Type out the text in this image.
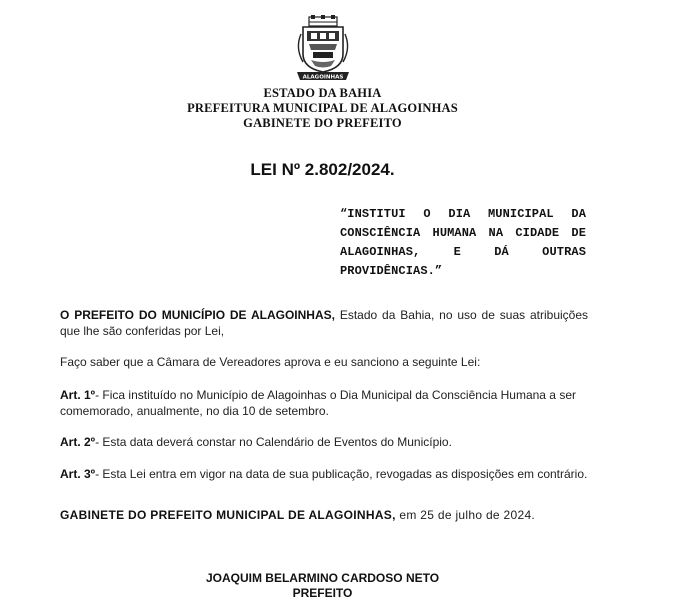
ALAGOINHAS
ESTADO DA BAHIA
PREFEITURA MUNICIPAL DE ALAGOINHAS
GABINETE DO PREFEITO
LEI Nº 2.802/2024.
“INSTITUI O DIA MUNICIPAL DA CONSCIÊNCIA HUMANA NA CIDADE DE ALAGOINHAS, E DÁ OUTRAS PROVIDÊNCIAS.”
O PREFEITO DO MUNICÍPIO DE ALAGOINHAS, Estado da Bahia, no uso de suas atribuições que lhe são conferidas por Lei,
Faço saber que a Câmara de Vereadores aprova e eu sanciono a seguinte Lei:
Art. 1º- Fica instituído no Município de Alagoinhas o Dia Municipal da Consciência Humana a ser comemorado, anualmente, no dia 10 de setembro.
Art. 2º- Esta data deverá constar no Calendário de Eventos do Município.
Art. 3º- Esta Lei entra em vigor na data de sua publicação, revogadas as disposições em contrário.
GABINETE DO PREFEITO MUNICIPAL DE ALAGOINHAS, em 25 de julho de 2024.
JOAQUIM BELARMINO CARDOSO NETO
PREFEITO
